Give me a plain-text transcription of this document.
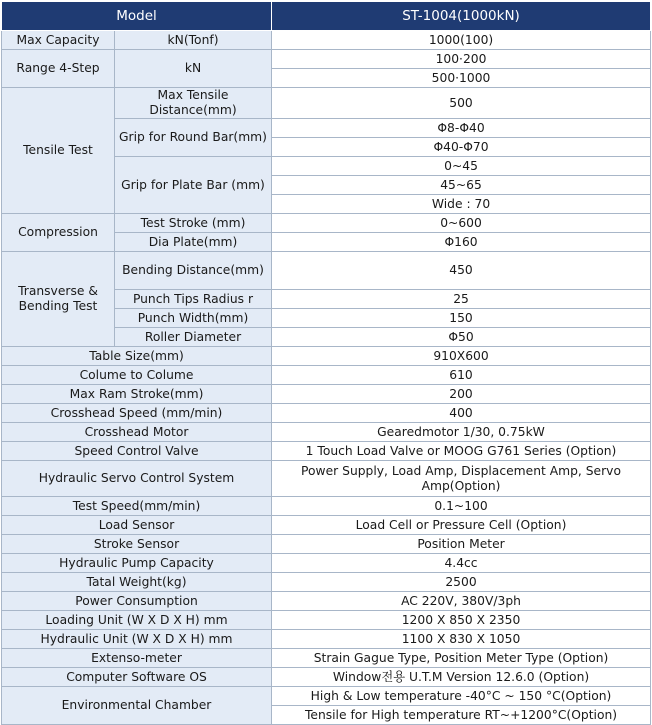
Model		ST-1004(1000kN)
Max Capacity	kN(Tonf)	1000(100)
Range 4-Step	kN	100·200
		500·1000
Tensile Test	Max Tensile Distance(mm)	500
	Grip for Round Bar(mm)	Φ8-Φ40
		Φ40-Φ70
	Grip for Plate Bar (mm)	0~45
		45~65
		Wide : 70
Compression	Test Stroke (mm)	0~600
	Dia Plate(mm)	Φ160
Transverse & Bending Test	Bending Distance(mm)	450
	Punch Tips Radius r	25
	Punch Width(mm)	150
	Roller Diameter	Φ50
Table Size(mm)		910X600
Colume to Colume		610
Max Ram Stroke(mm)		200
Crosshead Speed (mm/min)		400
Crosshead Motor		Gearedmotor 1/30, 0.75kW
Speed Control Valve		1 Touch Load Valve or MOOG G761 Series (Option)
Hydraulic Servo Control System		Power Supply, Load Amp, Displacement Amp, Servo Amp(Option)
Test Speed(mm/min)		0.1~100
Load Sensor		Load Cell or Pressure Cell (Option)
Stroke Sensor		Position Meter
Hydraulic Pump Capacity		4.4cc
Tatal Weight(kg)		2500
Power Consumption		AC 220V, 380V/3ph
Loading Unit (W X D X H) mm		1200 X 850 X 2350
Hydraulic Unit (W X D X H) mm		1100 X 830 X 1050
Extenso-meter		Strain Gague Type, Position Meter Type (Option)
Computer Software OS		Window전용 U.T.M Version 12.6.0 (Option)
Environmental Chamber		High & Low temperature -40°C ~ 150 °C(Option)
		Tensile for High temperature RT~+1200°C(Option)
